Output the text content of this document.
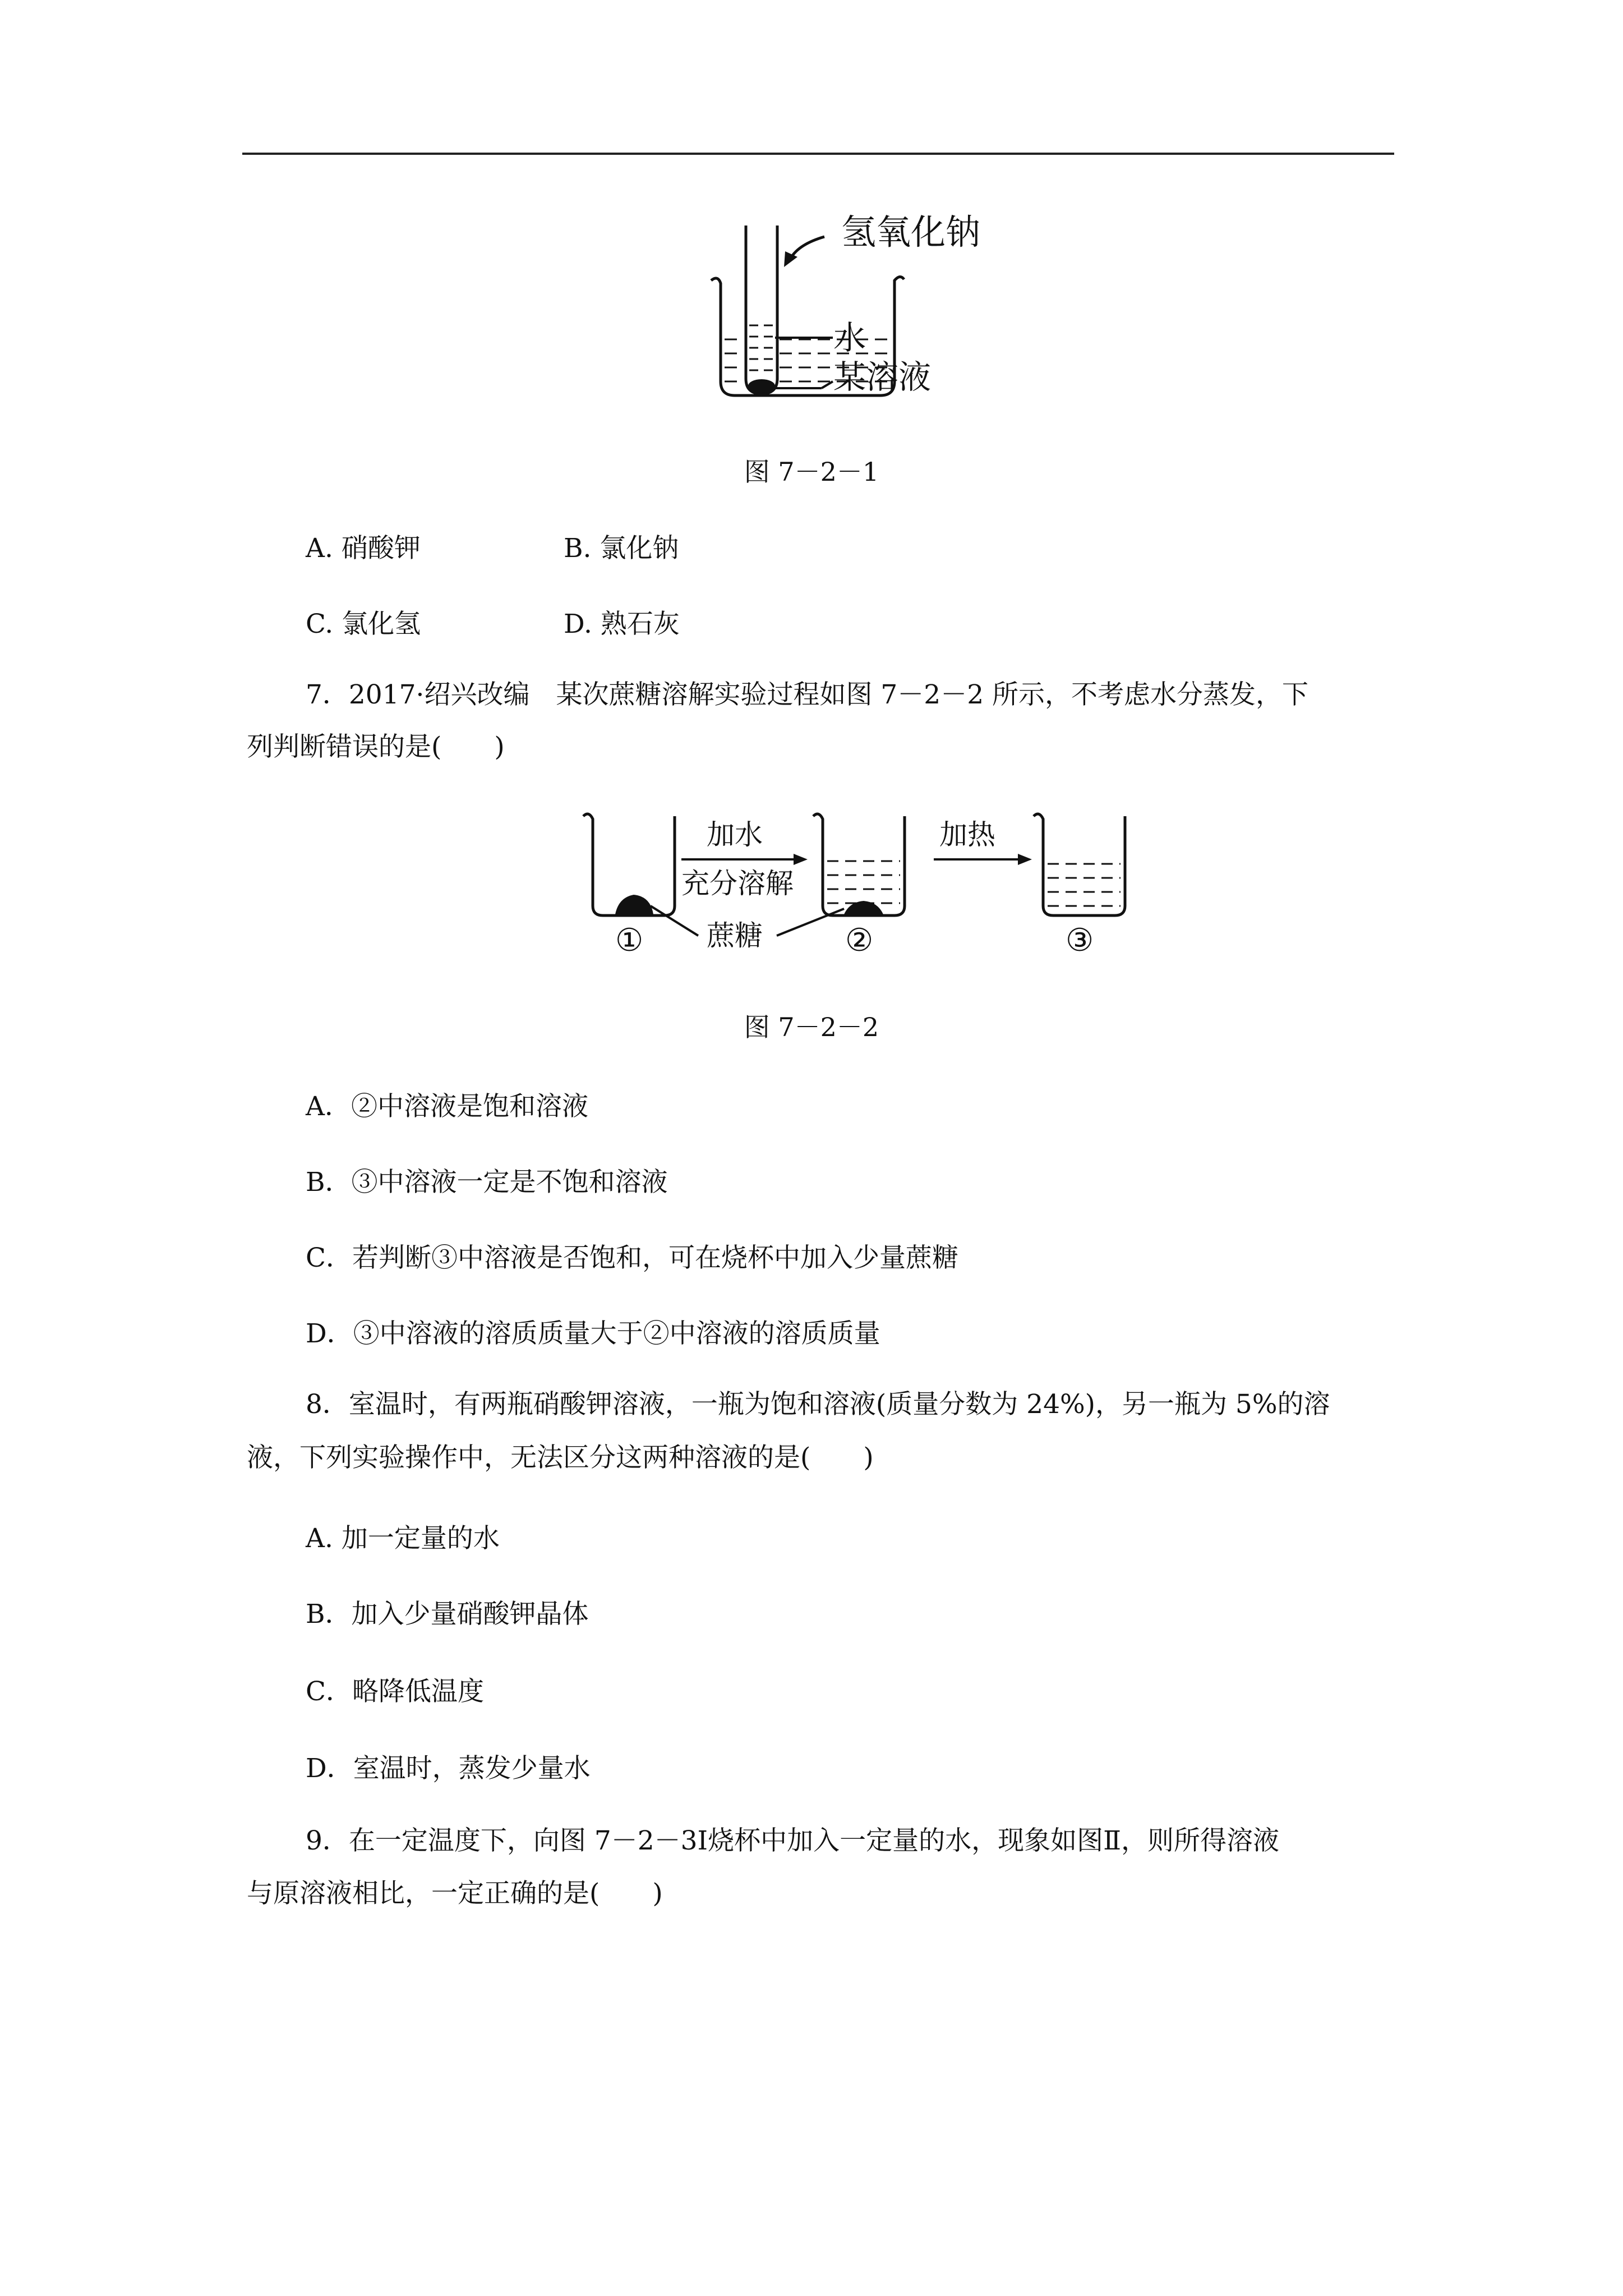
氢氧化钠
水
某溶液
图 7－2－1
A. 硝酸钾	B. 氯化钠
C. 氯化氢	D. 熟石灰
7．2017·绍兴改编　某次蔗糖溶解实验过程如图 7－2－2 所示，不考虑水分蒸发，下
列判断错误的是(　　)
加水
充分溶解
加热
蔗糖
①	②	③
图 7－2－2
A．②中溶液是饱和溶液
B．③中溶液一定是不饱和溶液
C．若判断③中溶液是否饱和，可在烧杯中加入少量蔗糖
D．③中溶液的溶质质量大于②中溶液的溶质质量
8．室温时，有两瓶硝酸钾溶液，一瓶为饱和溶液(质量分数为 24%)，另一瓶为 5%的溶
液，下列实验操作中，无法区分这两种溶液的是(　　)
A. 加一定量的水
B．加入少量硝酸钾晶体
C．略降低温度
D．室温时，蒸发少量水
9．在一定温度下，向图 7－2－3Ⅰ烧杯中加入一定量的水，现象如图Ⅱ，则所得溶液
与原溶液相比，一定正确的是(　　)
